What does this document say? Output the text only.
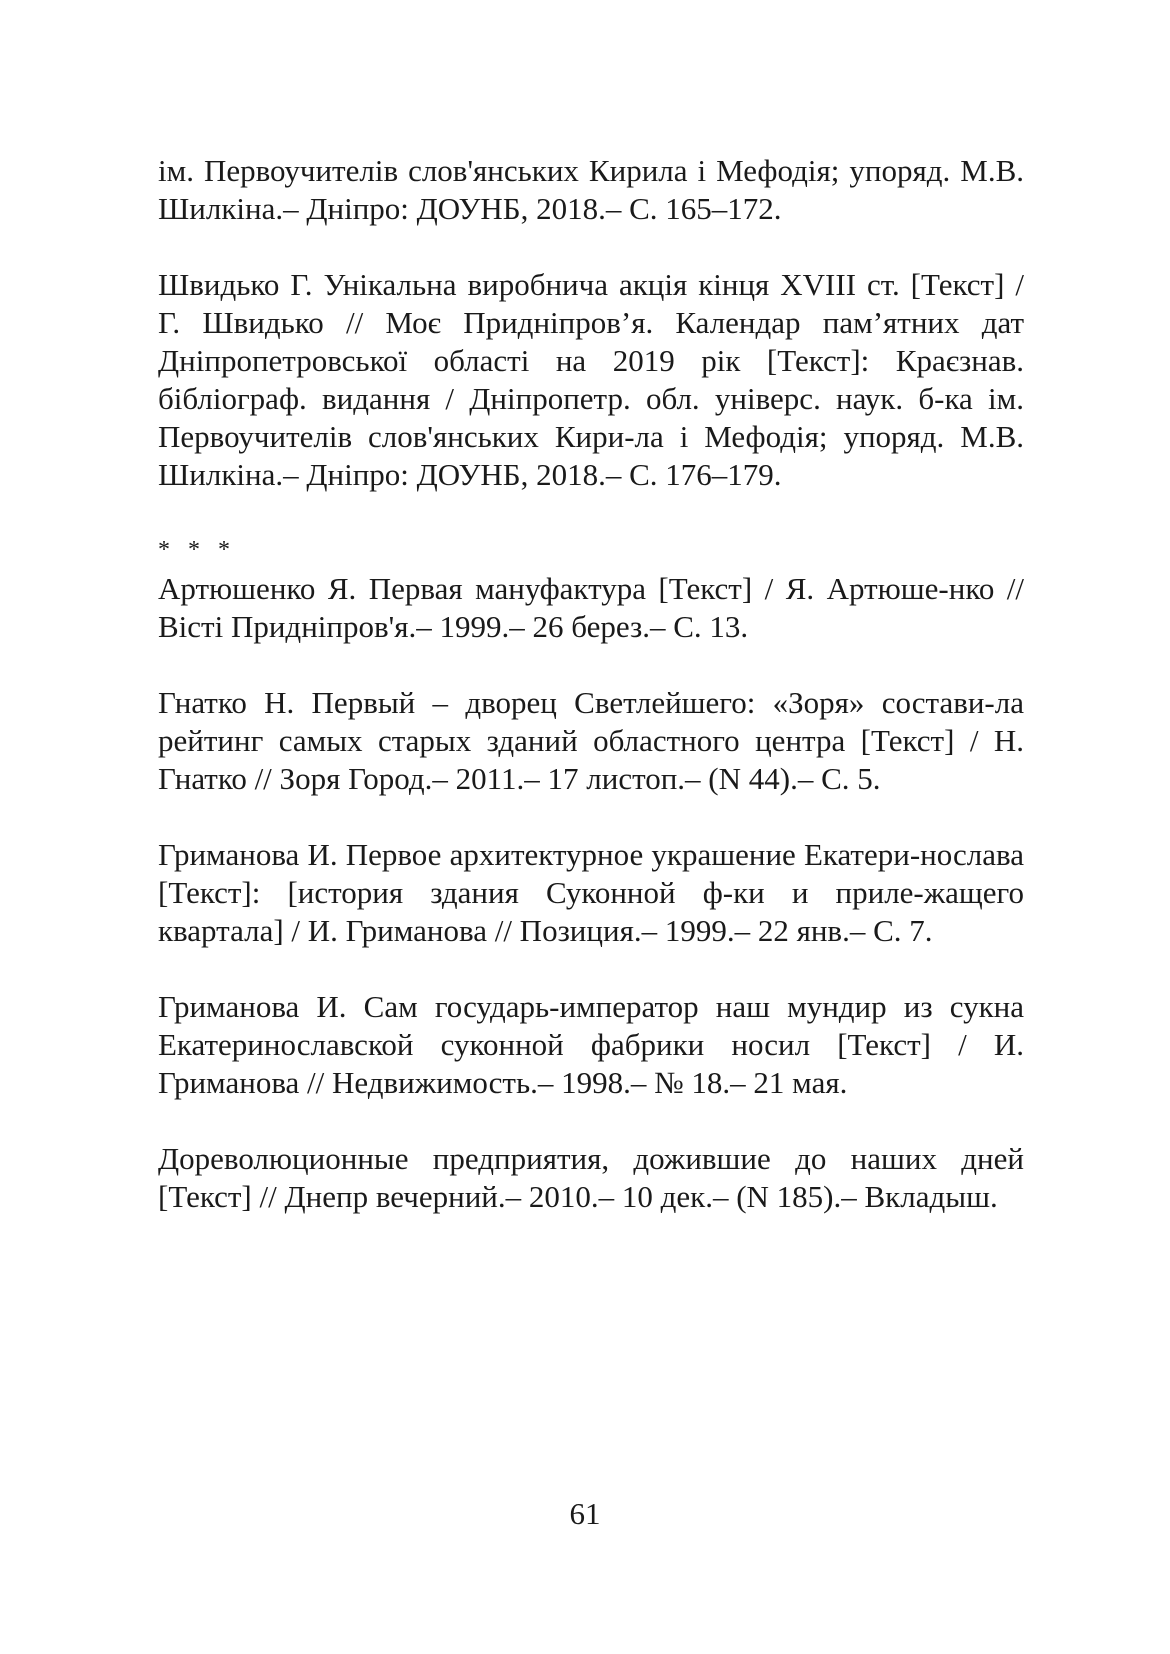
ім. Первоучителів слов'янських Кирила і Мефодія; упоряд. М.В. Шилкіна.– Дніпро: ДОУНБ, 2018.– С. 165–172.

Швидько Г. Унікальна виробнича акція кінця XVIII ст. [Текст] / Г. Швидько // Моє Придніпров’я. Календар пам’ятних дат Дніпропетровської області на 2019 рік [Текст]: Краєзнав. бібліограф. видання / Дніпропетр. обл. універс. наук. б-ка ім. Первоучителів слов'янських Кири-ла і Мефодія; упоряд. М.В. Шилкіна.– Дніпро: ДОУНБ, 2018.– С. 176–179.

* * *

Артюшенко Я. Первая мануфактура [Текст] / Я. Артюше-нко // Вісті Придніпров'я.– 1999.– 26 берез.– С. 13.

Гнатко Н. Первый – дворец Светлейшего: «Зоря» состави-ла рейтинг самых старых зданий областного центра [Текст] / Н. Гнатко // Зоря Город.– 2011.– 17 листоп.– (N 44).– С. 5.

Гриманова И. Первое архитектурное украшение Екатери-нослава [Текст]: [история здания Суконной ф-ки и приле-жащего квартала] / И. Гриманова // Позиция.– 1999.– 22 янв.– С. 7.

Гриманова И. Сам государь-император наш мундир из сукна Екатеринославской суконной фабрики носил [Текст] / И. Гриманова // Недвижимость.– 1998.– № 18.– 21 мая.

Дореволюционные предприятия, дожившие до наших дней [Текст] // Днепр вечерний.– 2010.– 10 дек.– (N 185).– Вкладыш.

61
